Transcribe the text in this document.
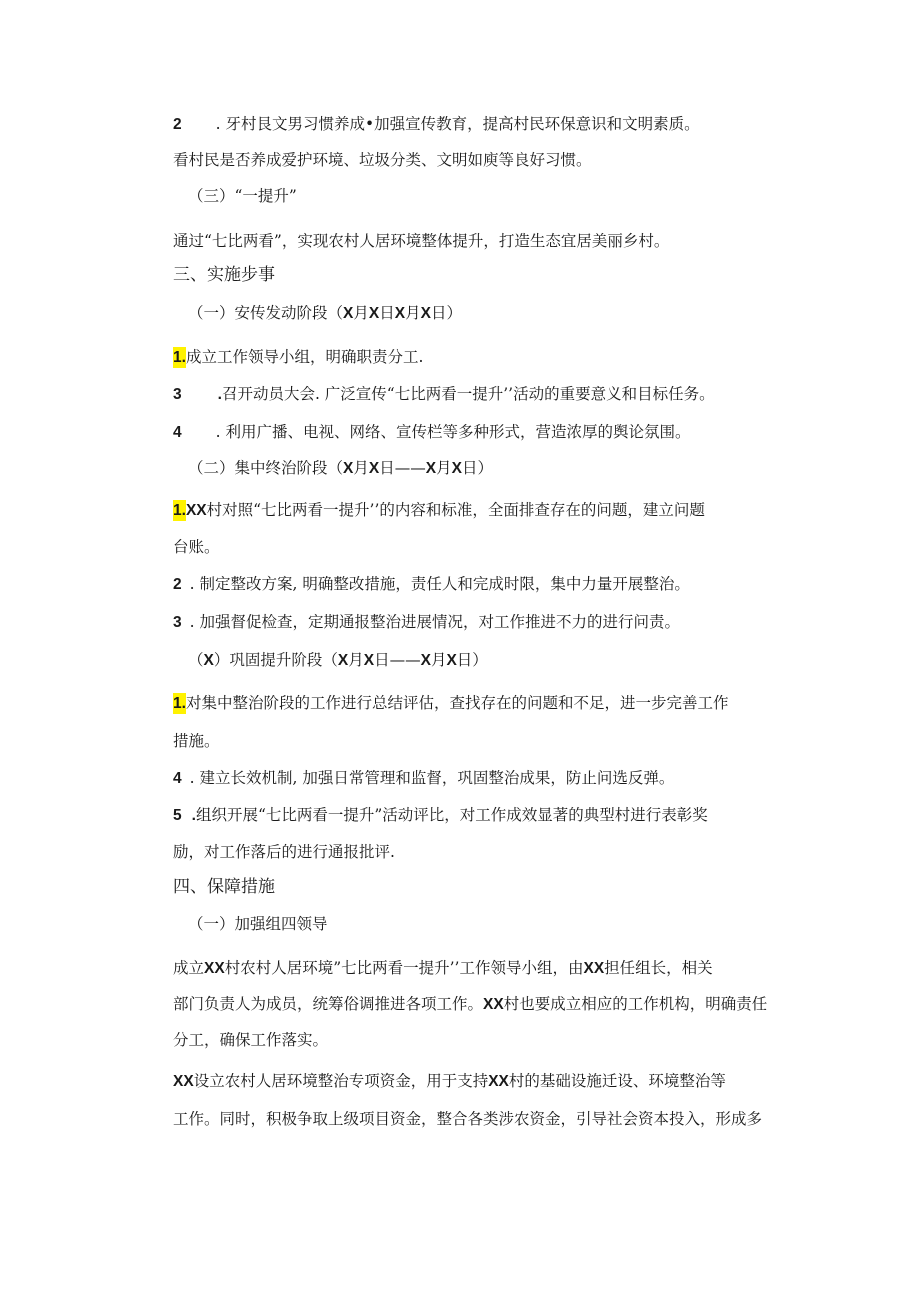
2 . 牙村艮文男习惯养成•加强宣传教育，提高村民环保意识和文明素质。
看村民是否养成爱护环境、垃圾分类、文明如庾等良好习惯。
（三）“一提升”
通过“七比两看”，实现农村人居环境整体提升，打造生态宜居美丽乡村。
三、实施步事
（一）安传发动阶段（X月X日X月X日）
1.成立工作领导小组，明确职责分工.
3 .召开动员大会. 广泛宣传“七比两看一提升’’活动的重要意义和目标任务。
4 . 利用广播、电视、网络、宣传栏等多种形式，营造浓厚的舆论氛围。
（二）集中终治阶段（X月X日——X月X日）
1.XX村对照“七比两看一提升’’的内容和标准，全面排查存在的问题，建立问题
台账。
2 . 制定整改方案, 明确整改措施，责任人和完成时限，集中力量开展整治。
3 . 加强督促检查，定期通报整治进展情况，对工作推进不力的进行问责。
（X）巩固提升阶段（X月X日——X月X日）
1.对集中整治阶段的工作进行总结评估，查找存在的问题和不足，进一步完善工作
措施。
4 . 建立长效机制, 加强日常管理和监督，巩固整治成果，防止问选反弹。
5 .组织开展“七比两看一提升”活动评比，对工作成效显著的典型村进行表彰奖
励，对工作落后的进行通报批评.
四、保障措施
（一）加强组四领导
成立XX村农村人居环境”七比两看一提升’’工作领导小组，由XX担任组长，相关
部门负责人为成员，统筹俗调推进各项工作。XX村也要成立相应的工作机构，明确责任
分工，确保工作落实。
XX设立农村人居环境整治专项资金，用于支持XX村的基础设施迁设、环境整治等
工作。同时，积极争取上级项目资金，整合各类涉农资金，引导社会资本投入，形成多
